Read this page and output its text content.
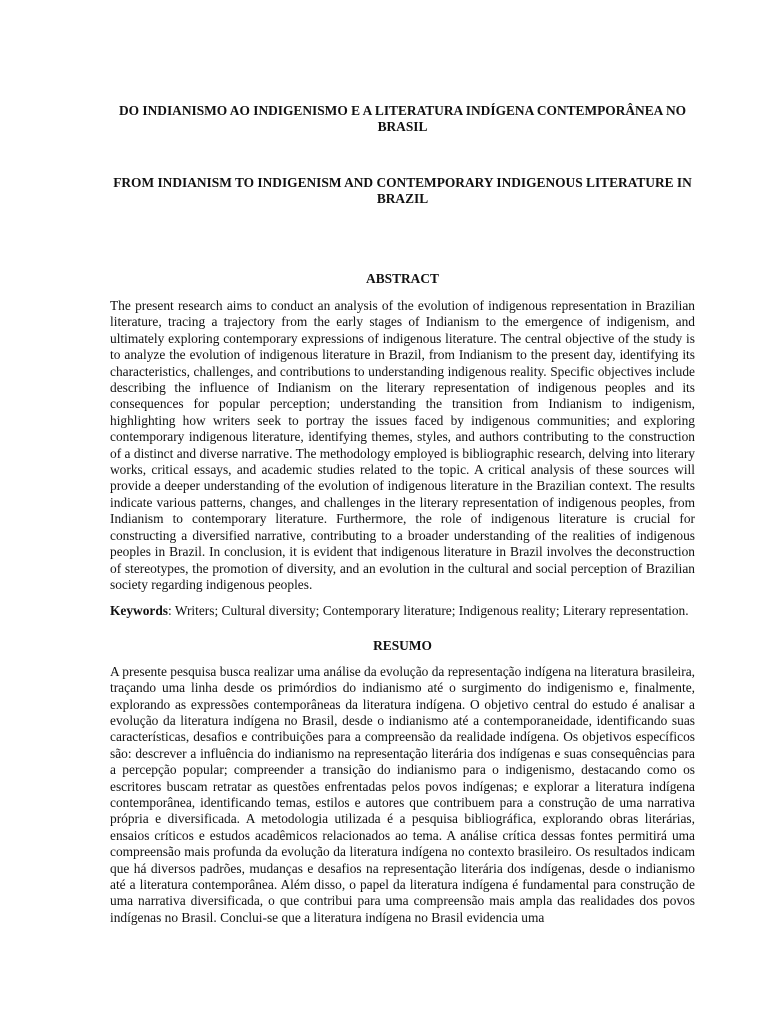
DO INDIANISMO AO INDIGENISMO E A LITERATURA INDÍGENA CONTEMPORÂNEA NO BRASIL
FROM INDIANISM TO INDIGENISM AND CONTEMPORARY INDIGENOUS LITERATURE IN BRAZIL
ABSTRACT

The present research aims to conduct an analysis of the evolution of indigenous representation in Brazilian literature, tracing a trajectory from the early stages of Indianism to the emergence of indigenism, and ultimately exploring contemporary expressions of indigenous literature. The central objective of the study is to analyze the evolution of indigenous literature in Brazil, from Indianism to the present day, identifying its characteristics, challenges, and contributions to understanding indigenous reality. Specific objectives include describing the influence of Indianism on the literary representation of indigenous peoples and its consequences for popular perception; understanding the transition from Indianism to indigenism, highlighting how writers seek to portray the issues faced by indigenous communities; and exploring contemporary indigenous literature, identifying themes, styles, and authors contributing to the construction of a distinct and diverse narrative. The methodology employed is bibliographic research, delving into literary works, critical essays, and academic studies related to the topic. A critical analysis of these sources will provide a deeper understanding of the evolution of indigenous literature in the Brazilian context. The results indicate various patterns, changes, and challenges in the literary representation of indigenous peoples, from Indianism to contemporary literature. Furthermore, the role of indigenous literature is crucial for constructing a diversified narrative, contributing to a broader understanding of the realities of indigenous peoples in Brazil. In conclusion, it is evident that indigenous literature in Brazil involves the deconstruction of stereotypes, the promotion of diversity, and an evolution in the cultural and social perception of Brazilian society regarding indigenous peoples.

Keywords: Writers; Cultural diversity; Contemporary literature; Indigenous reality; Literary representation.

RESUMO

A presente pesquisa busca realizar uma análise da evolução da representação indígena na literatura brasileira, traçando uma linha desde os primórdios do indianismo até o surgimento do indigenismo e, finalmente, explorando as expressões contemporâneas da literatura indígena. O objetivo central do estudo é analisar a evolução da literatura indígena no Brasil, desde o indianismo até a contemporaneidade, identificando suas características, desafios e contribuições para a compreensão da realidade indígena. Os objetivos específicos são: descrever a influência do indianismo na representação literária dos indígenas e suas consequências para a percepção popular; compreender a transição do indianismo para o indigenismo, destacando como os escritores buscam retratar as questões enfrentadas pelos povos indígenas; e explorar a literatura indígena contemporânea, identificando temas, estilos e autores que contribuem para a construção de uma narrativa própria e diversificada. A metodologia utilizada é a pesquisa bibliográfica, explorando obras literárias, ensaios críticos e estudos acadêmicos relacionados ao tema. A análise crítica dessas fontes permitirá uma compreensão mais profunda da evolução da literatura indígena no contexto brasileiro. Os resultados indicam que há diversos padrões, mudanças e desafios na representação literária dos indígenas, desde o indianismo até a literatura contemporânea. Além disso, o papel da literatura indígena é fundamental para construção de uma narrativa diversificada, o que contribui para uma compreensão mais ampla das realidades dos povos indígenas no Brasil. Conclui-se que a literatura indígena no Brasil evidencia uma
